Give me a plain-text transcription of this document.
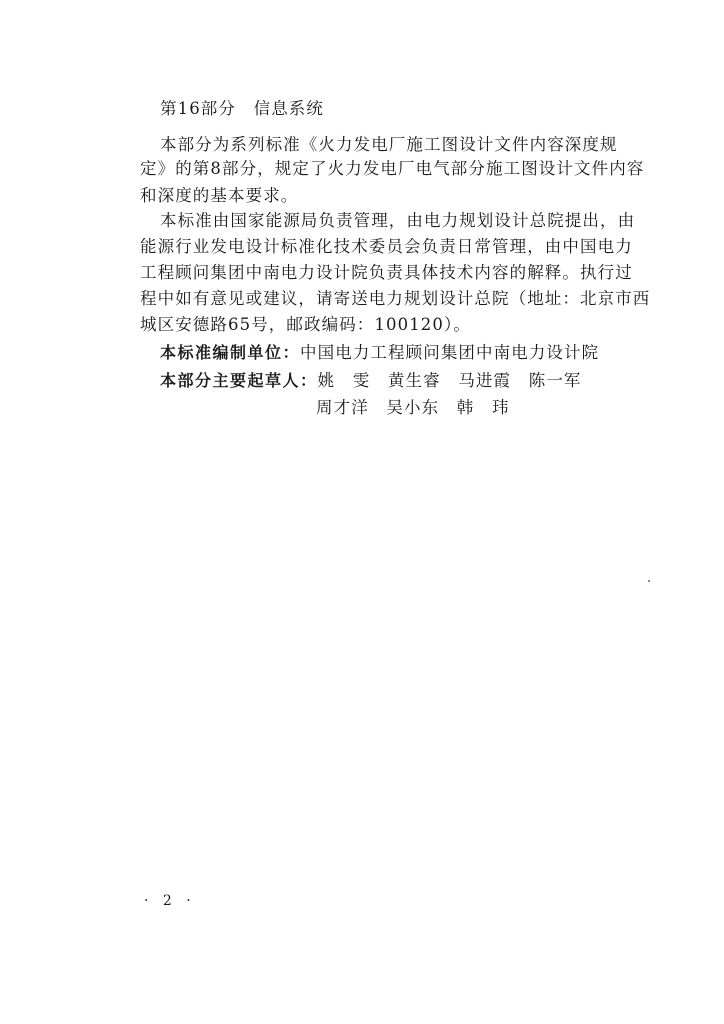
第16部分　信息系统
本部分为系列标准《火力发电厂施工图设计文件内容深度规
定》的第8部分，规定了火力发电厂电气部分施工图设计文件内容
和深度的基本要求。
本标准由国家能源局负责管理，由电力规划设计总院提出，由
能源行业发电设计标准化技术委员会负责日常管理，由中国电力
工程顾问集团中南电力设计院负责具体技术内容的解释。执行过
程中如有意见或建议，请寄送电力规划设计总院（地址：北京市西
城区安德路65号，邮政编码：100120）。
本标准编制单位：中国电力工程顾问集团中南电力设计院
本部分主要起草人：姚　雯　黄生睿　马进霞　陈一军
周才洋　吴小东　韩　玮
· 2 ·
